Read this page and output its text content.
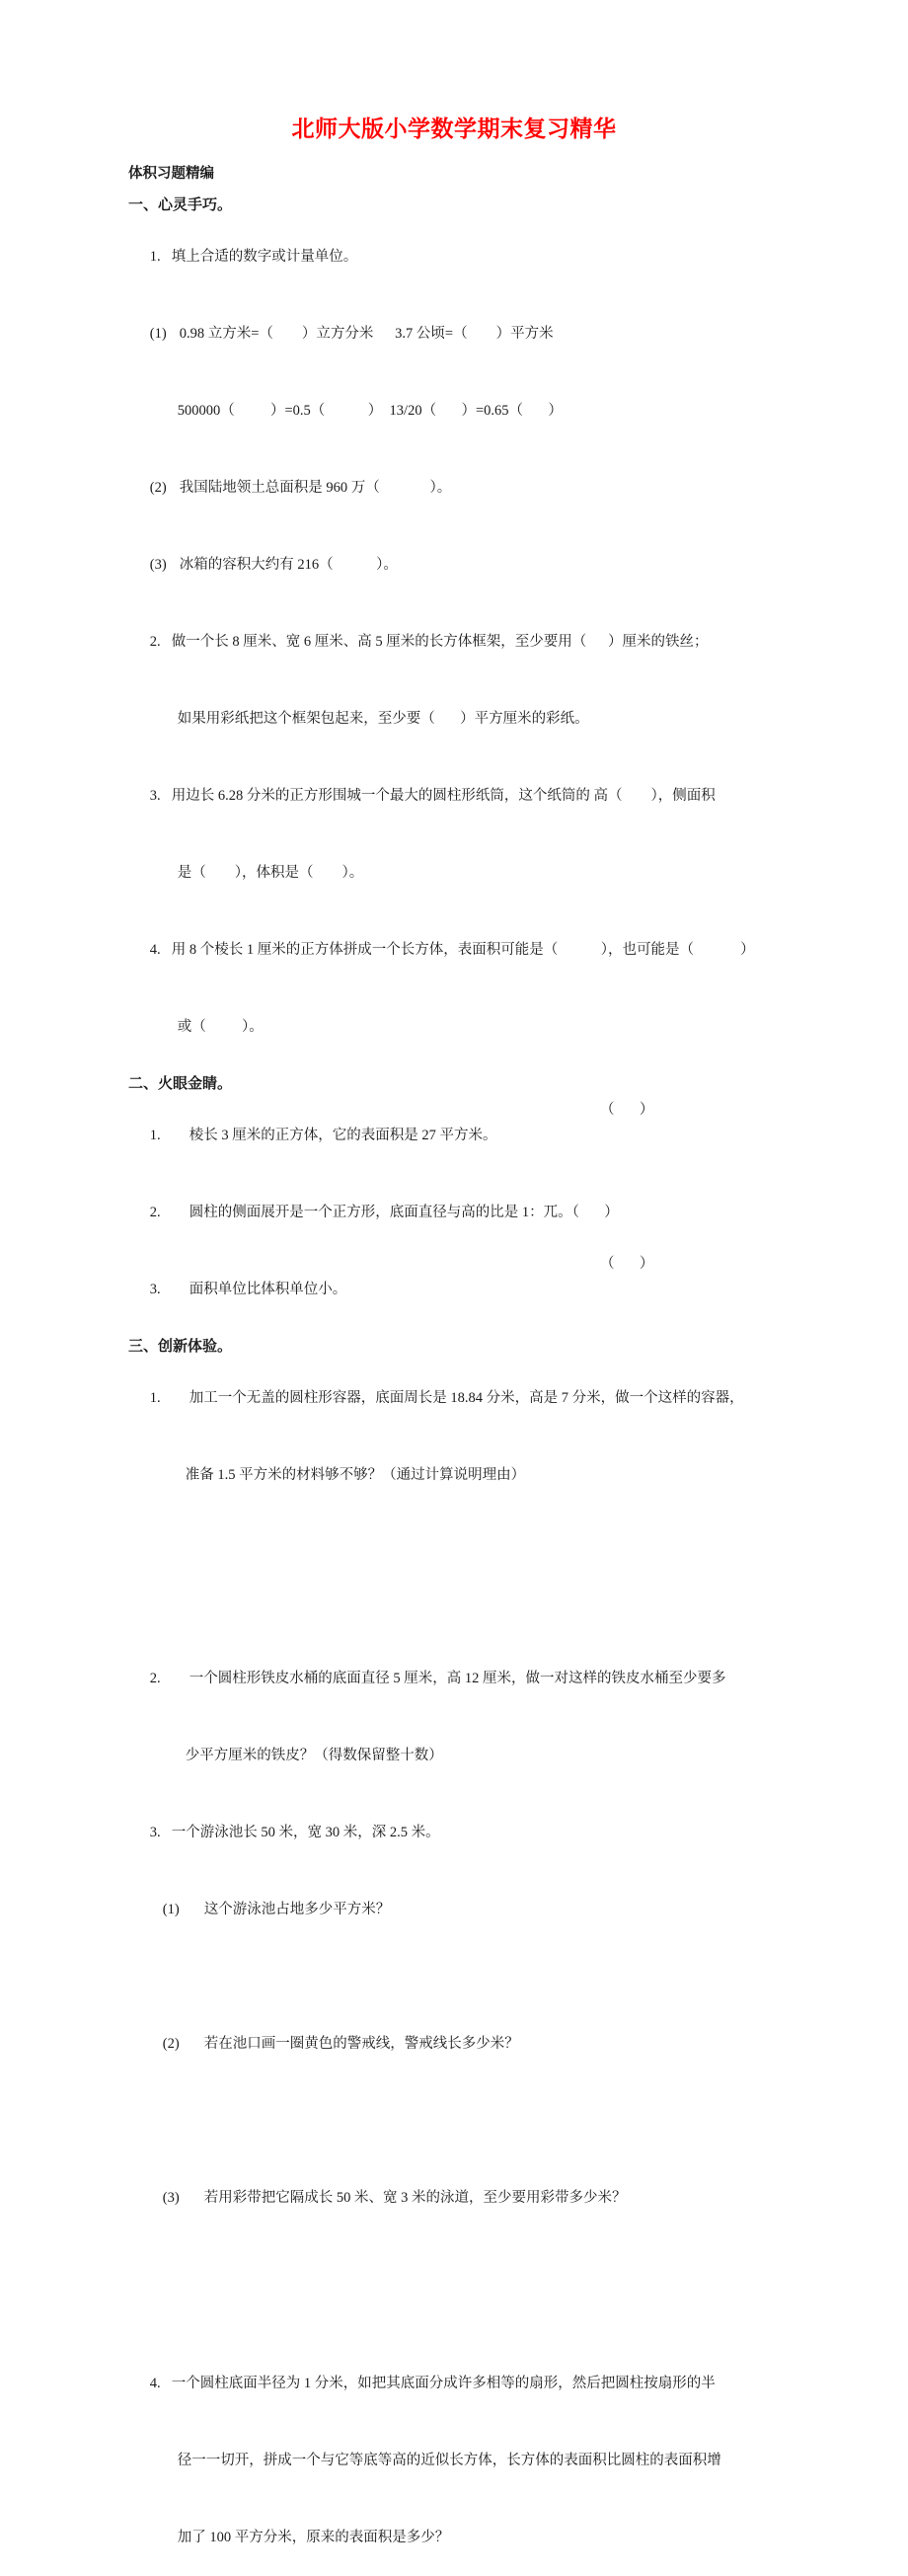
北师大版小学数学期末复习精华
体积习题精编
一、心灵手巧。

1. 填上合适的数字或计量单位。

(1) 0.98 立方米=（        ）立方分米      3.7 公顷=（        ）平方米

500000（          ）=0.5（            ）  13/20（       ）=0.65（       ）

(2) 我国陆地领土总面积是 960 万（              ）。

(3) 冰箱的容积大约有 216（            ）。

2. 做一个长 8 厘米、宽 6 厘米、高 5 厘米的长方体框架，至少要用（      ）厘米的铁丝；

如果用彩纸把这个框架包起来，至少要（       ）平方厘米的彩纸。

3. 用边长 6.28 分米的正方形围城一个最大的圆柱形纸筒，这个纸筒的 高（        ），侧面积

是（        ），体积是（        ）。

4. 用 8 个棱长 1 厘米的正方体拼成一个长方体，表面积可能是（            ），也可能是（             ）

或（          ）。

二、火眼金睛。

1. 棱长 3 厘米的正方体，它的表面积是 27 平方米。
（       ）

2. 圆柱的侧面展开是一个正方形，底面直径与高的比是 1：兀。（       ）

3. 面积单位比体积单位小。
（       ）

三、创新体验。

1. 加工一个无盖的圆柱形容器，底面周长是 18.84 分米，高是 7 分米，做一个这样的容器，

准备 1.5 平方米的材料够不够？（通过计算说明理由）

2. 一个圆柱形铁皮水桶的底面直径 5 厘米，高 12 厘米，做一对这样的铁皮水桶至少要多

少平方厘米的铁皮？（得数保留整十数）

3. 一个游泳池长 50 米，宽 30 米，深 2.5 米。

(1) 这个游泳池占地多少平方米？

(2) 若在池口画一圈黄色的警戒线，警戒线长多少米？

(3) 若用彩带把它隔成长 50 米、宽 3 米的泳道，至少要用彩带多少米？

4. 一个圆柱底面半径为 1 分米，如把其底面分成许多相等的扇形，然后把圆柱按扇形的半

径一一切开，拼成一个与它等底等高的近似长方体，长方体的表面积比圆柱的表面积增

加了 100 平方分米，原来的表面积是多少？
